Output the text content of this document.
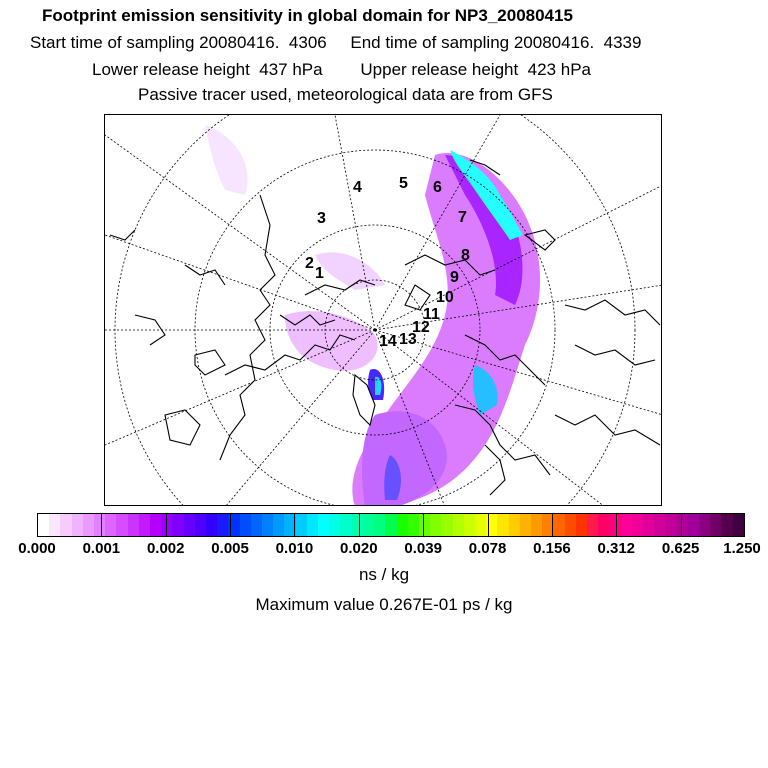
Footprint emission sensitivity in global domain for NP3_20080415
Start time of sampling 20080416.  4306     End time of sampling 20080416.  4339
Lower release height  437 hPa        Upper release height  423 hPa
Passive tracer used, meteorological data are from GFS
1
2
3
4 5 6
7
8
9
10
11
12
13
14
0.000 0.001 0.002 0.005 0.010 0.020 0.039 0.078 0.156 0.312 0.625 1.250
ns / kg
Maximum value 0.267E-01 ps / kg
